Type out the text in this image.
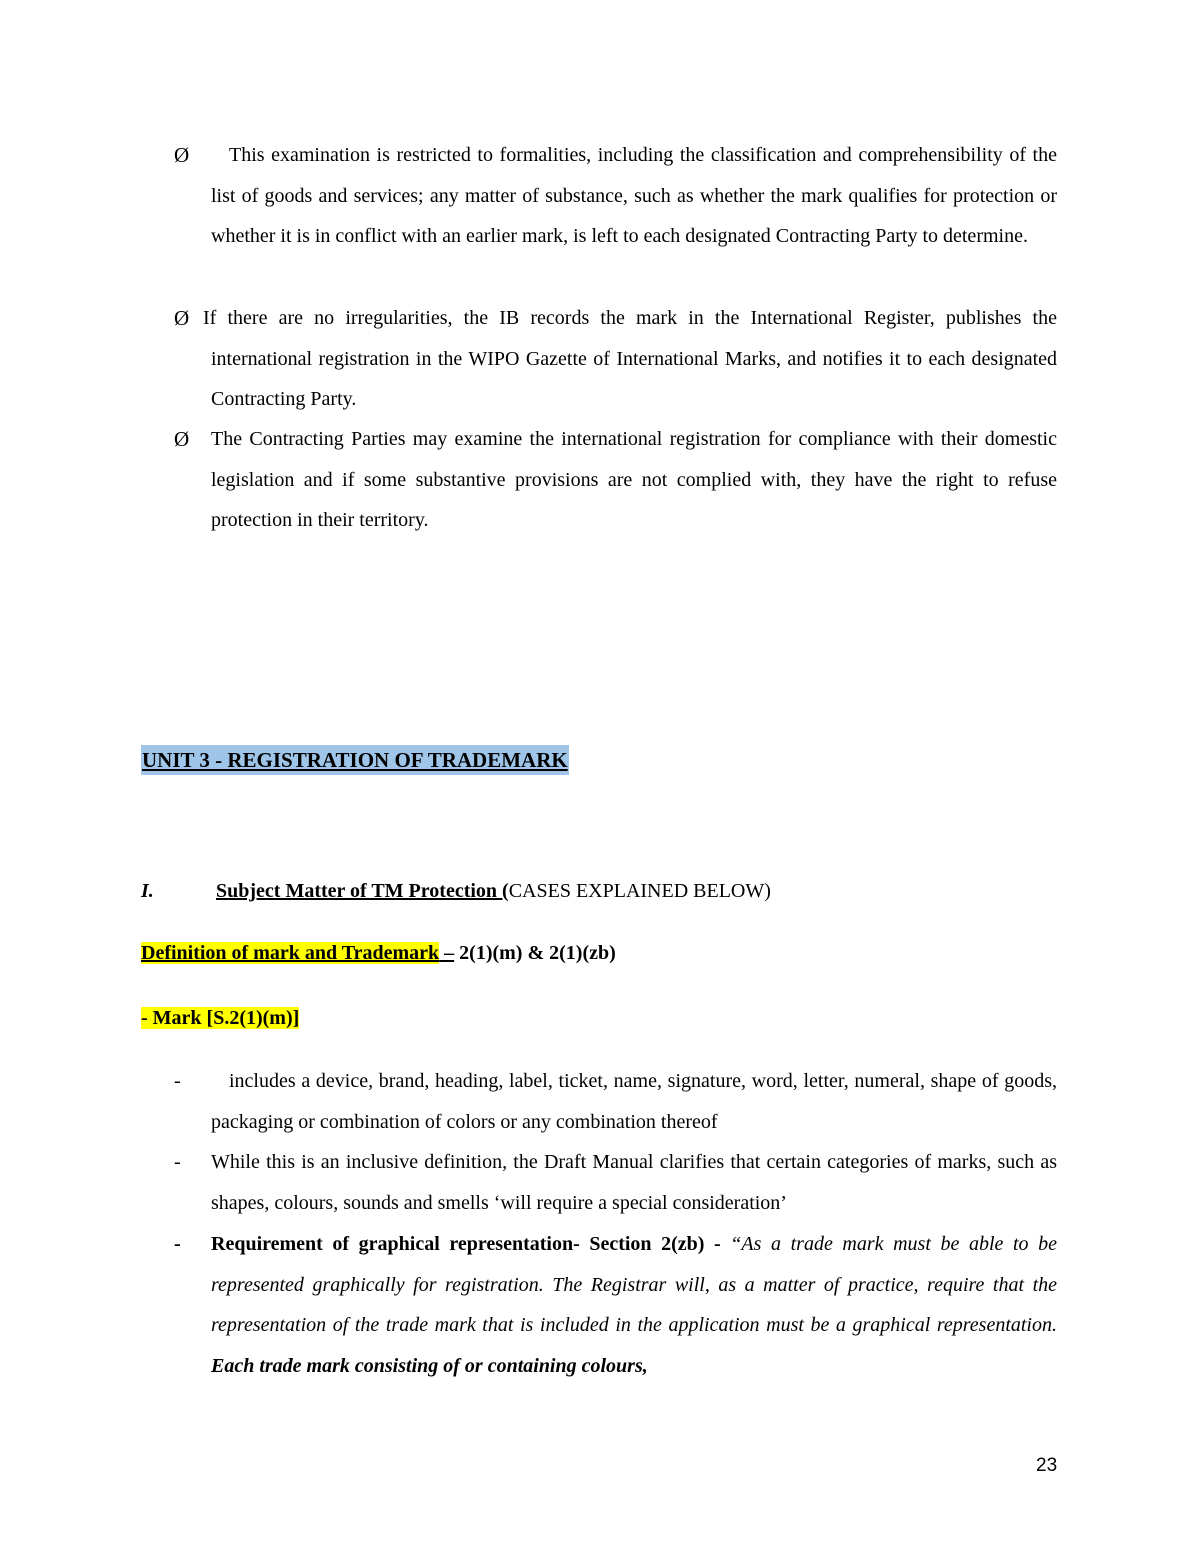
Ø	This examination is restricted to formalities, including the classification and comprehensibility of the list of goods and services; any matter of substance, such as whether the mark qualifies for protection or whether it is in conflict with an earlier mark, is left to each designated Contracting Party to determine.
Ø If there are no irregularities, the IB records the mark in the International Register, publishes the international registration in the WIPO Gazette of International Marks, and notifies it to each designated Contracting Party.
Ø The Contracting Parties may examine the international registration for compliance with their domestic legislation and if some substantive provisions are not complied with, they have the right to refuse protection in their territory.
UNIT 3 - REGISTRATION OF TRADEMARK
I.	Subject Matter of TM Protection (CASES EXPLAINED BELOW)
Definition of mark and Trademark – 2(1)(m) & 2(1)(zb)
- Mark [S.2(1)(m)]
-	includes a device, brand, heading, label, ticket, name, signature, word, letter, numeral, shape of goods, packaging or combination of colors or any combination thereof
- While this is an inclusive definition, the Draft Manual clarifies that certain categories of marks, such as shapes, colours, sounds and smells ‘will require a special consideration’
- Requirement of graphical representation- Section 2(zb) - “As a trade mark must be able to be represented graphically for registration. The Registrar will, as a matter of practice, require that the representation of the trade mark that is included in the application must be a graphical representation. Each trade mark consisting of or containing colours,
23
